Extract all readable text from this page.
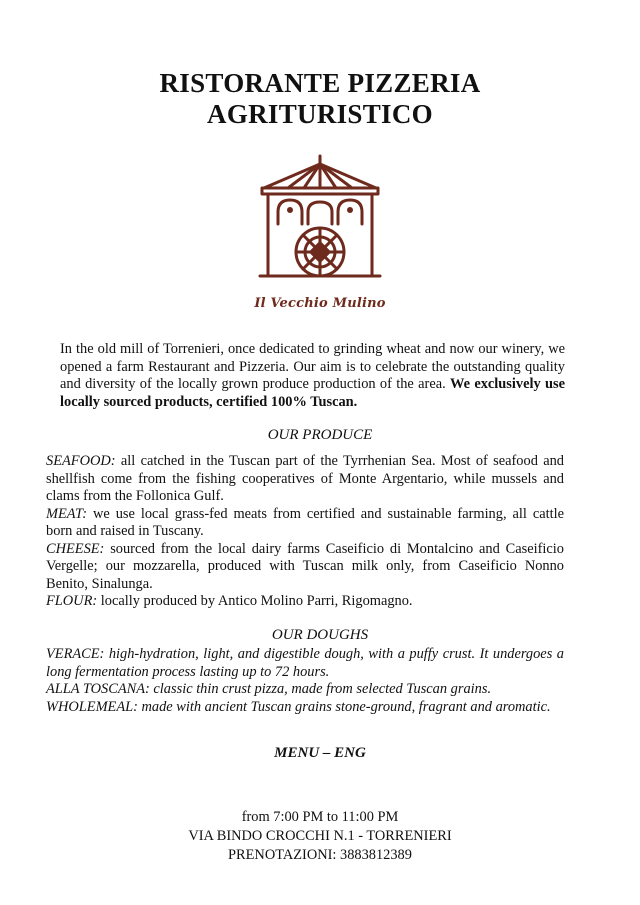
RISTORANTE PIZZERIA
AGRITURISTICO
Il Vecchio Mulino
In the old mill of Torrenieri, once dedicated to grinding wheat and now our winery, we opened a farm Restaurant and Pizzeria. Our aim is to celebrate the outstanding quality and diversity of the locally grown produce production of the area. We exclusively use locally sourced products, certified 100% Tuscan.
OUR PRODUCE

SEAFOOD: all catched in the Tuscan part of the Tyrrhenian Sea. Most of seafood and shellfish come from the fishing cooperatives of Monte Argentario, while mussels and clams from the Follonica Gulf.

MEAT: we use local grass-fed meats from certified and sustainable farming, all cattle born and raised in Tuscany.

CHEESE: sourced from the local dairy farms Caseificio di Montalcino and Caseificio Vergelle; our mozzarella, produced with Tuscan milk only, from Caseificio Nonno Benito, Sinalunga.

FLOUR: locally produced by Antico Molino Parri, Rigomagno.

OUR DOUGHS

VERACE: high-hydration, light, and digestible dough, with a puffy crust. It undergoes a long fermentation process lasting up to 72 hours.

ALLA TOSCANA: classic thin crust pizza, made from selected Tuscan grains.

WHOLEMEAL: made with ancient Tuscan grains stone-ground, fragrant and aromatic.

MENU – ENG
from 7:00 PM to 11:00 PM
VIA BINDO CROCCHI N.1 - TORRENIERI
PRENOTAZIONI: 3883812389
